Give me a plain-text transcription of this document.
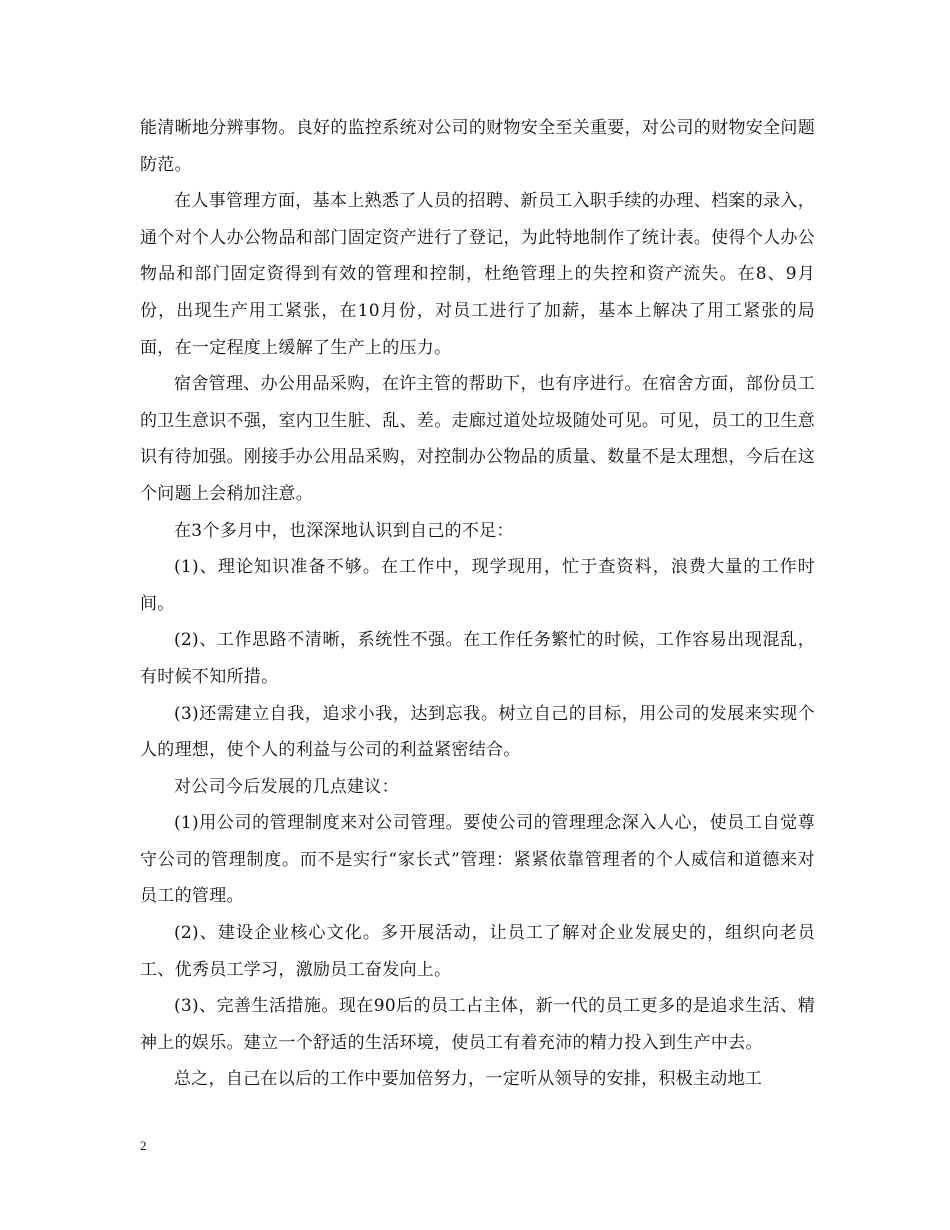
能清晰地分辨事物。良好的监控系统对公司的财物安全至关重要，对公司的财物安全问题防范。

在人事管理方面，基本上熟悉了人员的招聘、新员工入职手续的办理、档案的录入，通个对个人办公物品和部门固定资产进行了登记，为此特地制作了统计表。使得个人办公物品和部门固定资得到有效的管理和控制，杜绝管理上的失控和资产流失。在8、9月份，出现生产用工紧张，在10月份，对员工进行了加薪，基本上解决了用工紧张的局面，在一定程度上缓解了生产上的压力。

宿舍管理、办公用品采购，在许主管的帮助下，也有序进行。在宿舍方面，部份员工的卫生意识不强，室内卫生脏、乱、差。走廊过道处垃圾随处可见。可见，员工的卫生意识有待加强。刚接手办公用品采购，对控制办公物品的质量、数量不是太理想，今后在这个问题上会稍加注意。

在3个多月中，也深深地认识到自己的不足：

(1)、理论知识准备不够。在工作中，现学现用，忙于查资料，浪费大量的工作时间。

(2)、工作思路不清晰，系统性不强。在工作任务繁忙的时候，工作容易出现混乱，有时候不知所措。

(3)还需建立自我，追求小我，达到忘我。树立自己的目标，用公司的发展来实现个人的理想，使个人的利益与公司的利益紧密结合。

对公司今后发展的几点建议：

(1)用公司的管理制度来对公司管理。要使公司的管理理念深入人心，使员工自觉尊守公司的管理制度。而不是实行“家长式”管理：紧紧依靠管理者的个人威信和道德来对员工的管理。

(2)、建设企业核心文化。多开展活动，让员工了解对企业发展史的，组织向老员工、优秀员工学习，激励员工奋发向上。

(3)、完善生活措施。现在90后的员工占主体，新一代的员工更多的是追求生活、精神上的娱乐。建立一个舒适的生活环境，使员工有着充沛的精力投入到生产中去。

总之，自己在以后的工作中要加倍努力，一定听从领导的安排，积极主动地工

2
